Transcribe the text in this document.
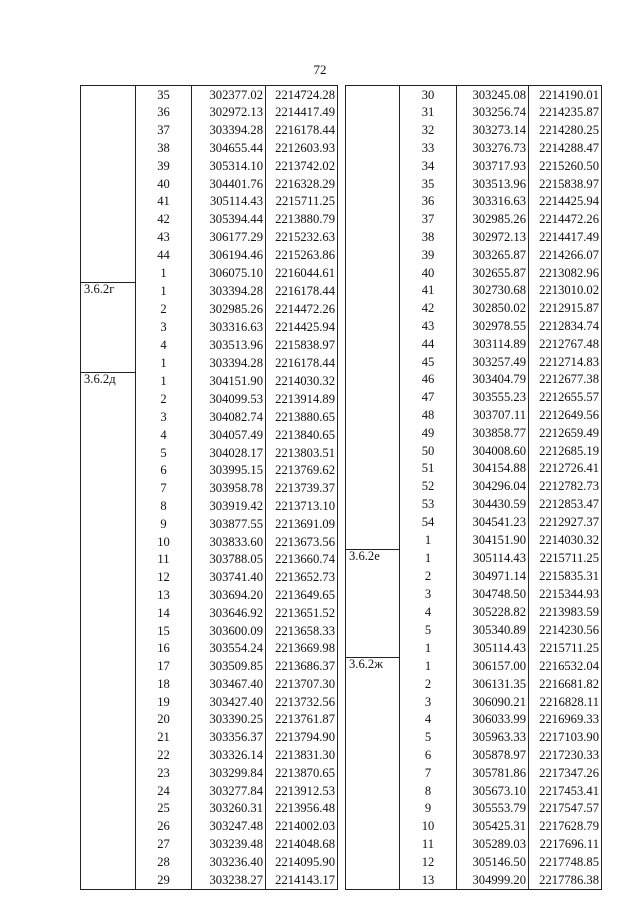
72
	35	302377.02	2214724.28
	36	302972.13	2214417.49
	37	303394.28	2216178.44
	38	304655.44	2212603.93
	39	305314.10	2213742.02
	40	304401.76	2216328.29
	41	305114.43	2215711.25
	42	305394.44	2213880.79
	43	306177.29	2215232.63
	44	306194.46	2215263.86
	1	306075.10	2216044.61
3.6.2г	1	303394.28	2216178.44
	2	302985.26	2214472.26
	3	303316.63	2214425.94
	4	303513.96	2215838.97
	1	303394.28	2216178.44
3.6.2д	1	304151.90	2214030.32
	2	304099.53	2213914.89
	3	304082.74	2213880.65
	4	304057.49	2213840.65
	5	304028.17	2213803.51
	6	303995.15	2213769.62
	7	303958.78	2213739.37
	8	303919.42	2213713.10
	9	303877.55	2213691.09
	10	303833.60	2213673.56
	11	303788.05	2213660.74
	12	303741.40	2213652.73
	13	303694.20	2213649.65
	14	303646.92	2213651.52
	15	303600.09	2213658.33
	16	303554.24	2213669.98
	17	303509.85	2213686.37
	18	303467.40	2213707.30
	19	303427.40	2213732.56
	20	303390.25	2213761.87
	21	303356.37	2213794.90
	22	303326.14	2213831.30
	23	303299.84	2213870.65
	24	303277.84	2213912.53
	25	303260.31	2213956.48
	26	303247.48	2214002.03
	27	303239.48	2214048.68
	28	303236.40	2214095.90
	29	303238.27	2214143.17
	30	303245.08	2214190.01
	31	303256.74	2214235.87
	32	303273.14	2214280.25
	33	303276.73	2214288.47
	34	303717.93	2215260.50
	35	303513.96	2215838.97
	36	303316.63	2214425.94
	37	302985.26	2214472.26
	38	302972.13	2214417.49
	39	303265.87	2214266.07
	40	302655.87	2213082.96
	41	302730.68	2213010.02
	42	302850.02	2212915.87
	43	302978.55	2212834.74
	44	303114.89	2212767.48
	45	303257.49	2212714.83
	46	303404.79	2212677.38
	47	303555.23	2212655.57
	48	303707.11	2212649.56
	49	303858.77	2212659.49
	50	304008.60	2212685.19
	51	304154.88	2212726.41
	52	304296.04	2212782.73
	53	304430.59	2212853.47
	54	304541.23	2212927.37
	1	304151.90	2214030.32
3.6.2е	1	305114.43	2215711.25
	2	304971.14	2215835.31
	3	304748.50	2215344.93
	4	305228.82	2213983.59
	5	305340.89	2214230.56
	1	305114.43	2215711.25
3.6.2ж	1	306157.00	2216532.04
	2	306131.35	2216681.82
	3	306090.21	2216828.11
	4	306033.99	2216969.33
	5	305963.33	2217103.90
	6	305878.97	2217230.33
	7	305781.86	2217347.26
	8	305673.10	2217453.41
	9	305553.79	2217547.57
	10	305425.31	2217628.79
	11	305289.03	2217696.11
	12	305146.50	2217748.85
	13	304999.20	2217786.38
